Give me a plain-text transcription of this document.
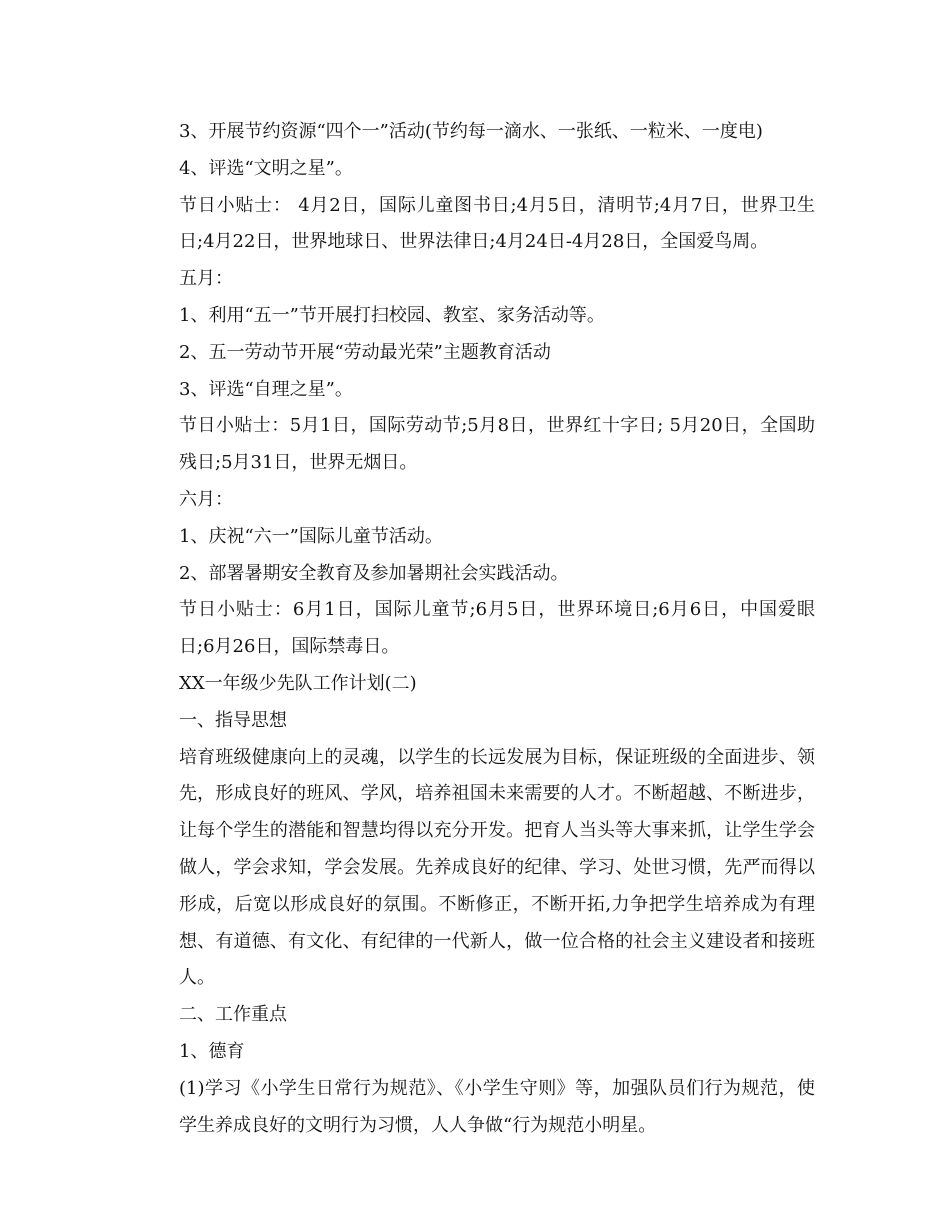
3、开展节约资源“四个一”活动(节约每一滴水、一张纸、一粒米、一度电)

4、评选“文明之星”。

节日小贴士： 4月2日，国际儿童图书日;4月5日，清明节;4月7日，世界卫生日;4月22日，世界地球日、世界法律日;4月24日-4月28日，全国爱鸟周。

五月：

1、利用“五一”节开展打扫校园、教室、家务活动等。

2、五一劳动节开展“劳动最光荣”主题教育活动

3、评选“自理之星”。

节日小贴士：5月1日，国际劳动节;5月8日，世界红十字日; 5月20日，全国助残日;5月31日，世界无烟日。

六月：

1、庆祝“六一”国际儿童节活动。

2、部署暑期安全教育及参加暑期社会实践活动。

节日小贴士：6月1日，国际儿童节;6月5日，世界环境日;6月6日，中国爱眼日;6月26日，国际禁毒日。

XX一年级少先队工作计划(二)

一、指导思想

培育班级健康向上的灵魂，以学生的长远发展为目标，保证班级的全面进步、领先，形成良好的班风、学风，培养祖国未来需要的人才。不断超越、不断进步，让每个学生的潜能和智慧均得以充分开发。把育人当头等大事来抓，让学生学会做人，学会求知，学会发展。先养成良好的纪律、学习、处世习惯，先严而得以形成，后宽以形成良好的氛围。不断修正，不断开拓,力争把学生培养成为有理想、有道德、有文化、有纪律的一代新人，做一位合格的社会主义建设者和接班人。

二、工作重点

1、德育

(1)学习《小学生日常行为规范》、《小学生守则》等，加强队员们行为规范，使学生养成良好的文明行为习惯，人人争做“行为规范小明星。
